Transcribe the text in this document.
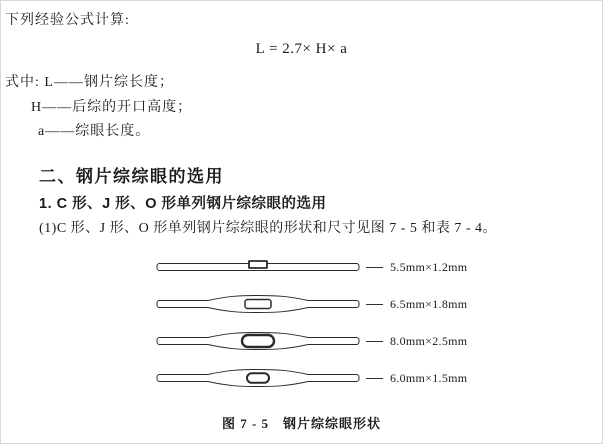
下列经验公式计算:

L = 2.7× H× a

式中: L——钢片综长度；
H——后综的开口高度；
a——综眼长度。
二、钢片综综眼的选用
1. C 形、J 形、O 形单列钢片综综眼的选用

(1)C 形、J 形、O 形单列钢片综综眼的形状和尺寸见图 7 - 5 和表 7 - 4。

5.5mm×1.2mm
6.5mm×1.8mm
8.0mm×2.5mm
6.0mm×1.5mm

图 7 - 5　钢片综综眼形状
